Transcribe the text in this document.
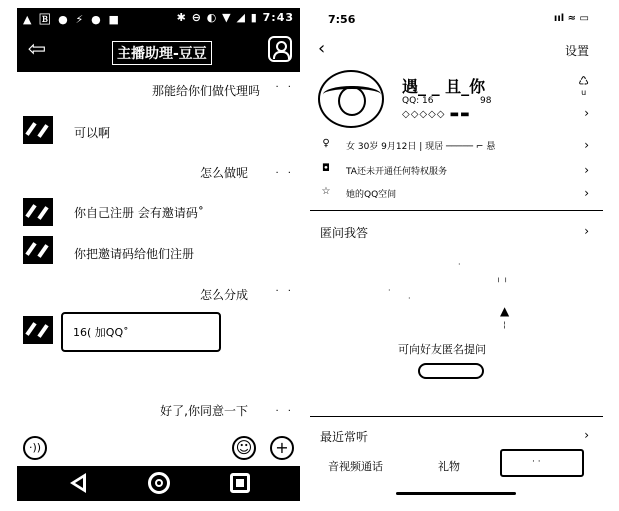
▲ 🄱 ● ⚡ ● ■	✱ ⊖ ◐ ▼ ◢ ▮ 7:43
⇦	主播助理-豆豆
那能给你们做代理吗 · ·
可以啊
怎么做呢	· ·
你自己注册 会有邀请码˚
你把邀请码给他们注册
怎么分成	· ·
16( 加QQ˚
好了,你同意一下	· ·
·))	☺	+
7:56	ııl ≈ ▭
‹	设置
遇_ _ 且_你
QQ: 16	98
◇◇◇◇◇ ▬▬
♺
u
›
♀ 女 30岁 9月12日 | 现居 ───── ⌐ 悬	›
◘ TA还未开通任何特权服务	›
☆ 她的QQ空间	›
匿问我答	›
·
·
·
╵ ╵
▲
¦
可向好友匿名提问
最近常听	›
音视频通话	礼物	· ·
